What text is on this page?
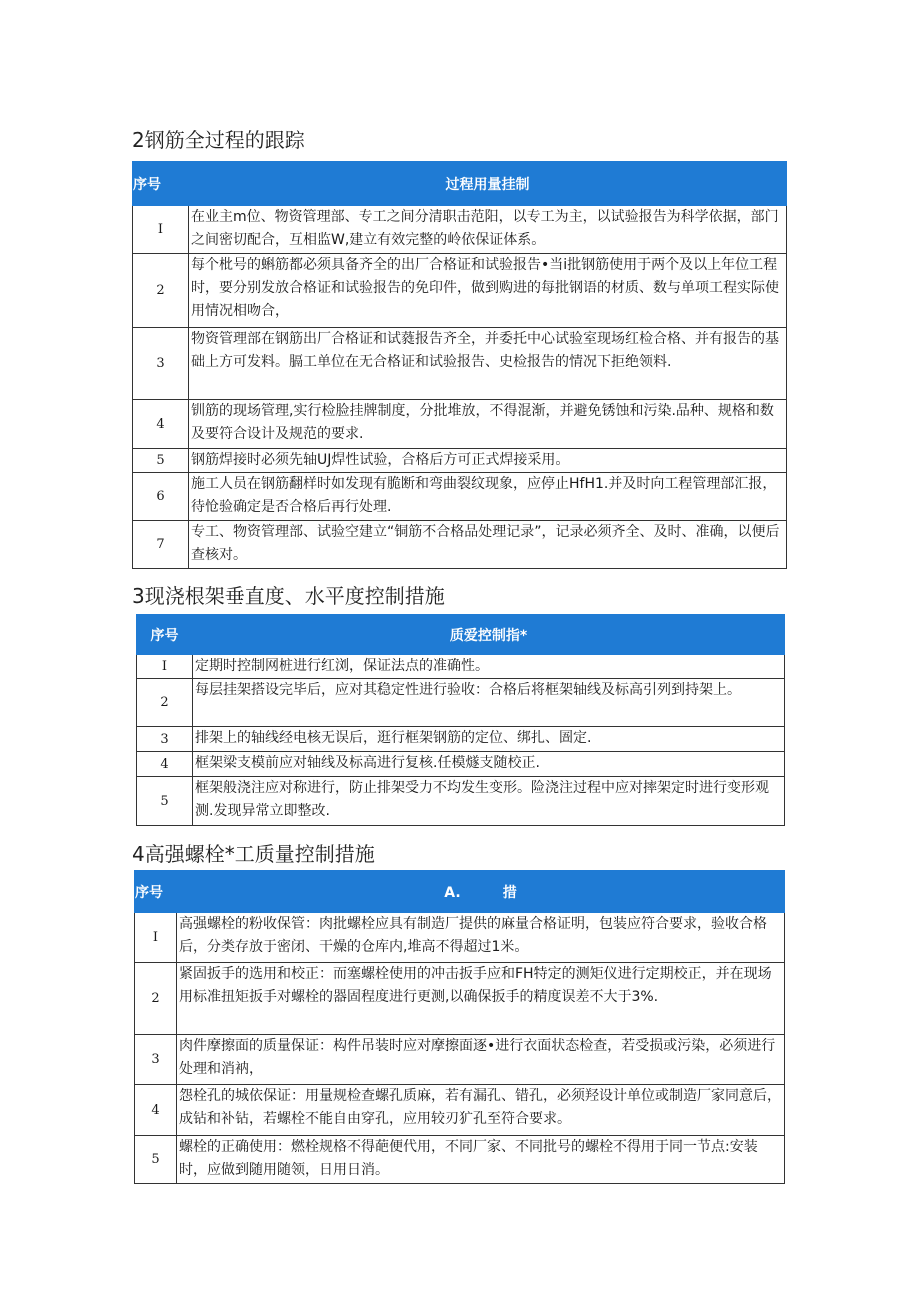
2钢筋全过程的跟踪
序号	过程用量挂制
I	在业主m位、物资管理部、专工之间分清职击范阳，以专工为主，以试验报告为科学依据，部门之间密切配合，互相监W,建立有效完整的岭依保证体系。
2	每个枇号的蝌筋都必须具备齐全的出厂合格证和试验报告•当i批钢筋使用于两个及以上年位工程时，要分别发放合格证和试验报告的免印件，做到购进的每批钢语的材质、数与单项工程实际使用情况相吻合，
3	物资管理部在钢筋出厂合格证和试蕤报告齐全，并委托中心试验室现场红检合格、并有报告的基础上方可发料。膈工单位在无合格证和试验报告、史检报告的情况下拒绝领料.
4	钏筋的现场管理,实行检脸挂牌制度，分批堆放，不得混渐，并避免锈蚀和污染.品种、规格和数及要符合设计及规范的要求.
5	钢筋焊接时必须先轴UJ焊性试验，合格后方可正式焊接采用。
6	施工人员在钢筋翻样时如发现有脆断和弯曲裂纹现象，应停止HfH1.并及时向工程管理部汇报，待怆验确定是否合格后再行处理.
7	专工、物资管理部、试验空建立“铜筋不合格品处理记录”，记录必须齐全、及时、准确，以便后查核对。
3现浇根架垂直度、水平度控制措施
序号	质爱控制指*
I	定期时控制网桩进行红浏，保证法点的准确性。
2	每层挂架搭设完毕后，应对其稳定性进行验收：合格后将框架轴线及标高引列到持架上。
3	排架上的轴线经电核无误后，逛行框架钢筋的定位、绑扎、圄定.
4	框架梁支模前应对轴线及标高进行复核.任模燧支随校正.
5	框架般浇注应对称进行，防止排架受力不均发生变形。险浇注过程中应对摔架定时进行变形观测.发现异常立即整改.
4高强螺栓*工质量控制措施
序号	A.　　　措
I	高强螺栓的粉收保管：肉批螺栓应具有制造厂提供的麻量合格证明，包装应符合要求，验收合格后，分类存放于密闭、干燥的仓库内,堆高不得超过1米。
2	紧固扳手的选用和校正：而塞螺栓使用的冲击扳手应和FH特定的测矩仪进行定期校正，并在现场用标准扭矩扳手对螺栓的器固程度进行更测,以确保扳手的精度误差不大于3%.
3	肉件摩擦面的质量保证：构件吊装时应对摩擦面逐•进行衣面状态检查，若受损或污染，必须进行处理和消衲，
4	怨栓孔的城依保证：用量规检查螺孔质麻，若有漏孔、错孔，必须羟设计单位或制造厂家同意后，成钻和补钻，若螺栓不能自由穿孔，应用较刃犷孔至符合要求。
5	螺栓的正确使用：燃栓规格不得葩便代用，不同厂家、不同批号的螺栓不得用于同一节点:安装时，应做到随用随领，日用日消。
